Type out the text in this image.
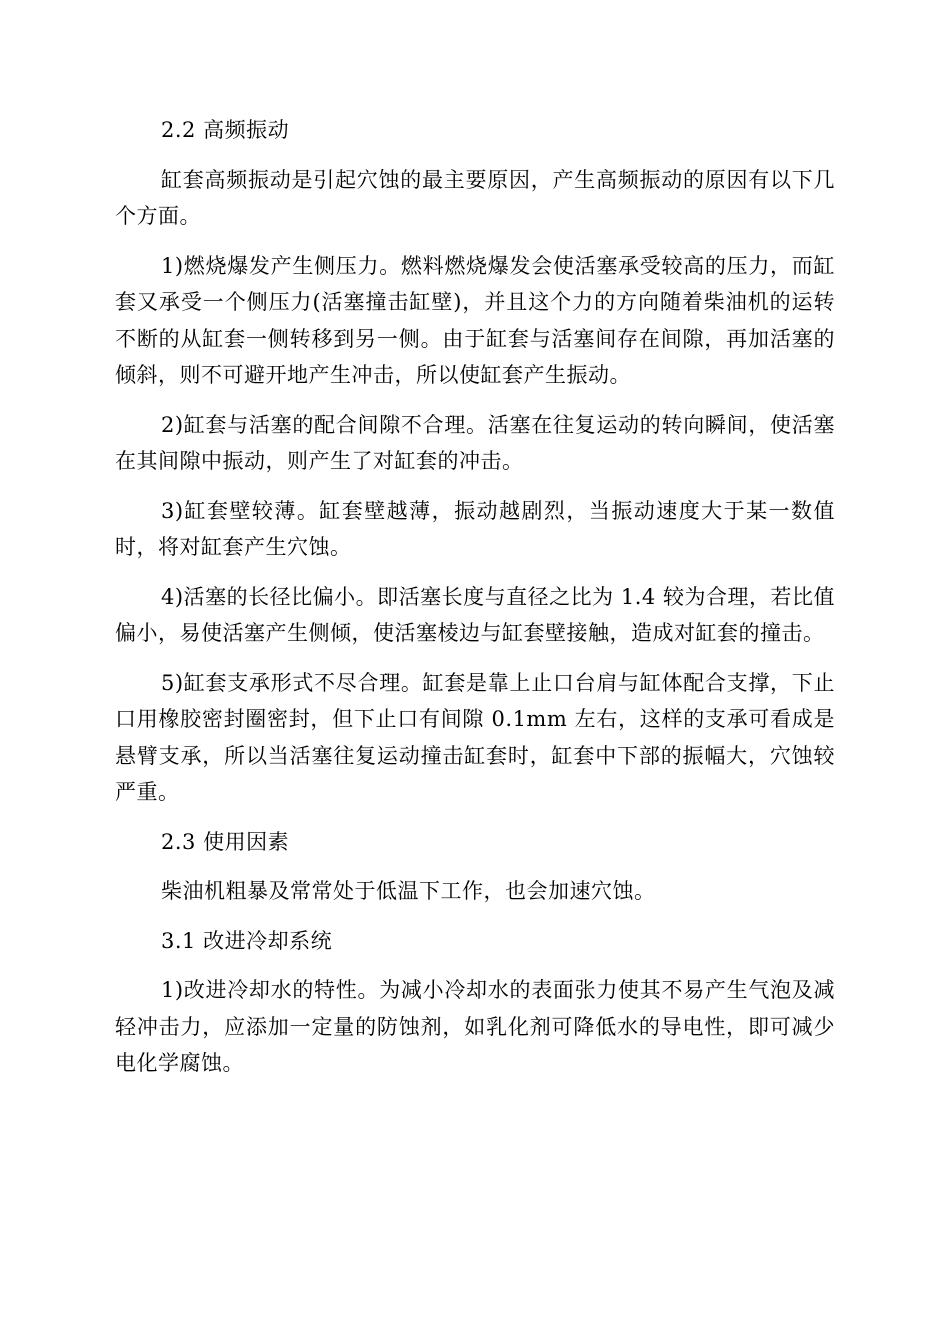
2.2 高频振动

缸套高频振动是引起穴蚀的最主要原因，产生高频振动的原因有以下几个方面。

1)燃烧爆发产生侧压力。燃料燃烧爆发会使活塞承受较高的压力，而缸套又承受一个侧压力(活塞撞击缸壁)，并且这个力的方向随着柴油机的运转不断的从缸套一侧转移到另一侧。由于缸套与活塞间存在间隙，再加活塞的倾斜，则不可避开地产生冲击，所以使缸套产生振动。

2)缸套与活塞的配合间隙不合理。活塞在往复运动的转向瞬间，使活塞在其间隙中振动，则产生了对缸套的冲击。

3)缸套壁较薄。缸套壁越薄，振动越剧烈，当振动速度大于某一数值时，将对缸套产生穴蚀。

4)活塞的长径比偏小。即活塞长度与直径之比为 1.4 较为合理，若比值偏小，易使活塞产生侧倾，使活塞棱边与缸套壁接触，造成对缸套的撞击。

5)缸套支承形式不尽合理。缸套是靠上止口台肩与缸体配合支撑，下止口用橡胶密封圈密封，但下止口有间隙 0.1mm 左右，这样的支承可看成是悬臂支承，所以当活塞往复运动撞击缸套时，缸套中下部的振幅大，穴蚀较严重。

2.3 使用因素

柴油机粗暴及常常处于低温下工作，也会加速穴蚀。

3.1 改进冷却系统

1)改进冷却水的特性。为减小冷却水的表面张力使其不易产生气泡及减轻冲击力，应添加一定量的防蚀剂，如乳化剂可降低水的导电性，即可减少电化学腐蚀。
